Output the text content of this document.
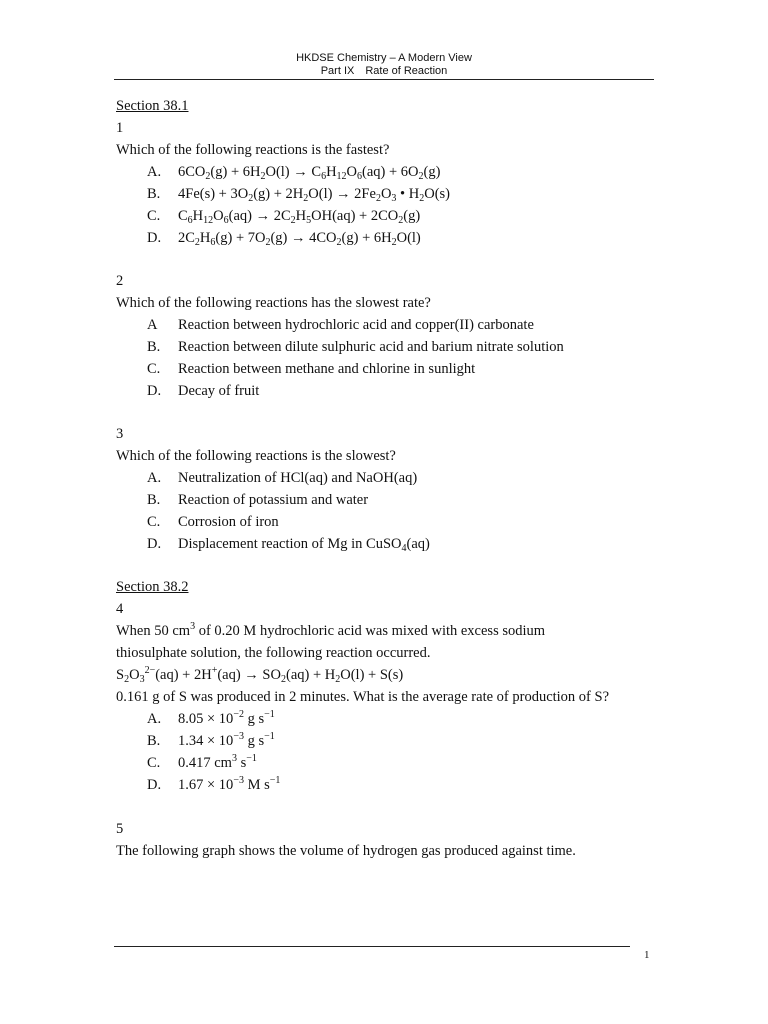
HKDSE Chemistry – A Modern View
Part IX Rate of Reaction
Section 38.1
1
Which of the following reactions is the fastest?
A. $6CO_2(g) + 6H_2O(l) \to C_6H_{12}O_6(aq) + 6O_2(g)$
B. $4Fe(s) + 3O_2(g) + 2H_2O(l) \to 2Fe_2O_3$ • $H_2O(s)$
C. $C_6H_{12}O_6(aq) \to 2C_2H_5OH(aq) + 2CO_2(g)$
D. $2C_2H_6(g) + 7O_2(g) \to 4CO_2(g) + 6H_2O(l)$
2
Which of the following reactions has the slowest rate?
A Reaction between hydrochloric acid and copper(II) carbonate
B. Reaction between dilute sulphuric acid and barium nitrate solution
C. Reaction between methane and chlorine in sunlight
D. Decay of fruit
3
Which of the following reactions is the slowest?
A. Neutralization of HCl(aq) and NaOH(aq)
B. Reaction of potassium and water
C. Corrosion of iron
D. Displacement reaction of Mg in CuSO$_4$(aq)
Section 38.2
4
When 50 $cm^3$ of 0.20 M hydrochloric acid was mixed with excess sodium
thiosulphate solution, the following reaction occurred.
$S_2O_3^{2-}(aq) + 2H^+(aq) \to SO_2(aq) + H_2O(l) + S(s)$
0.161 g of S was produced in 2 minutes. What is the average rate of production of S?
A. $8.05 \times 10^{-2}$ g $s^{-1}$
B. $1.34 \times 10^{-3}$ g $s^{-1}$
C. 0.417 $cm^3$ $s^{-1}$
D. $1.67 \times 10^{-3}$ M $s^{-1}$
5
The following graph shows the volume of hydrogen gas produced against time.
1
